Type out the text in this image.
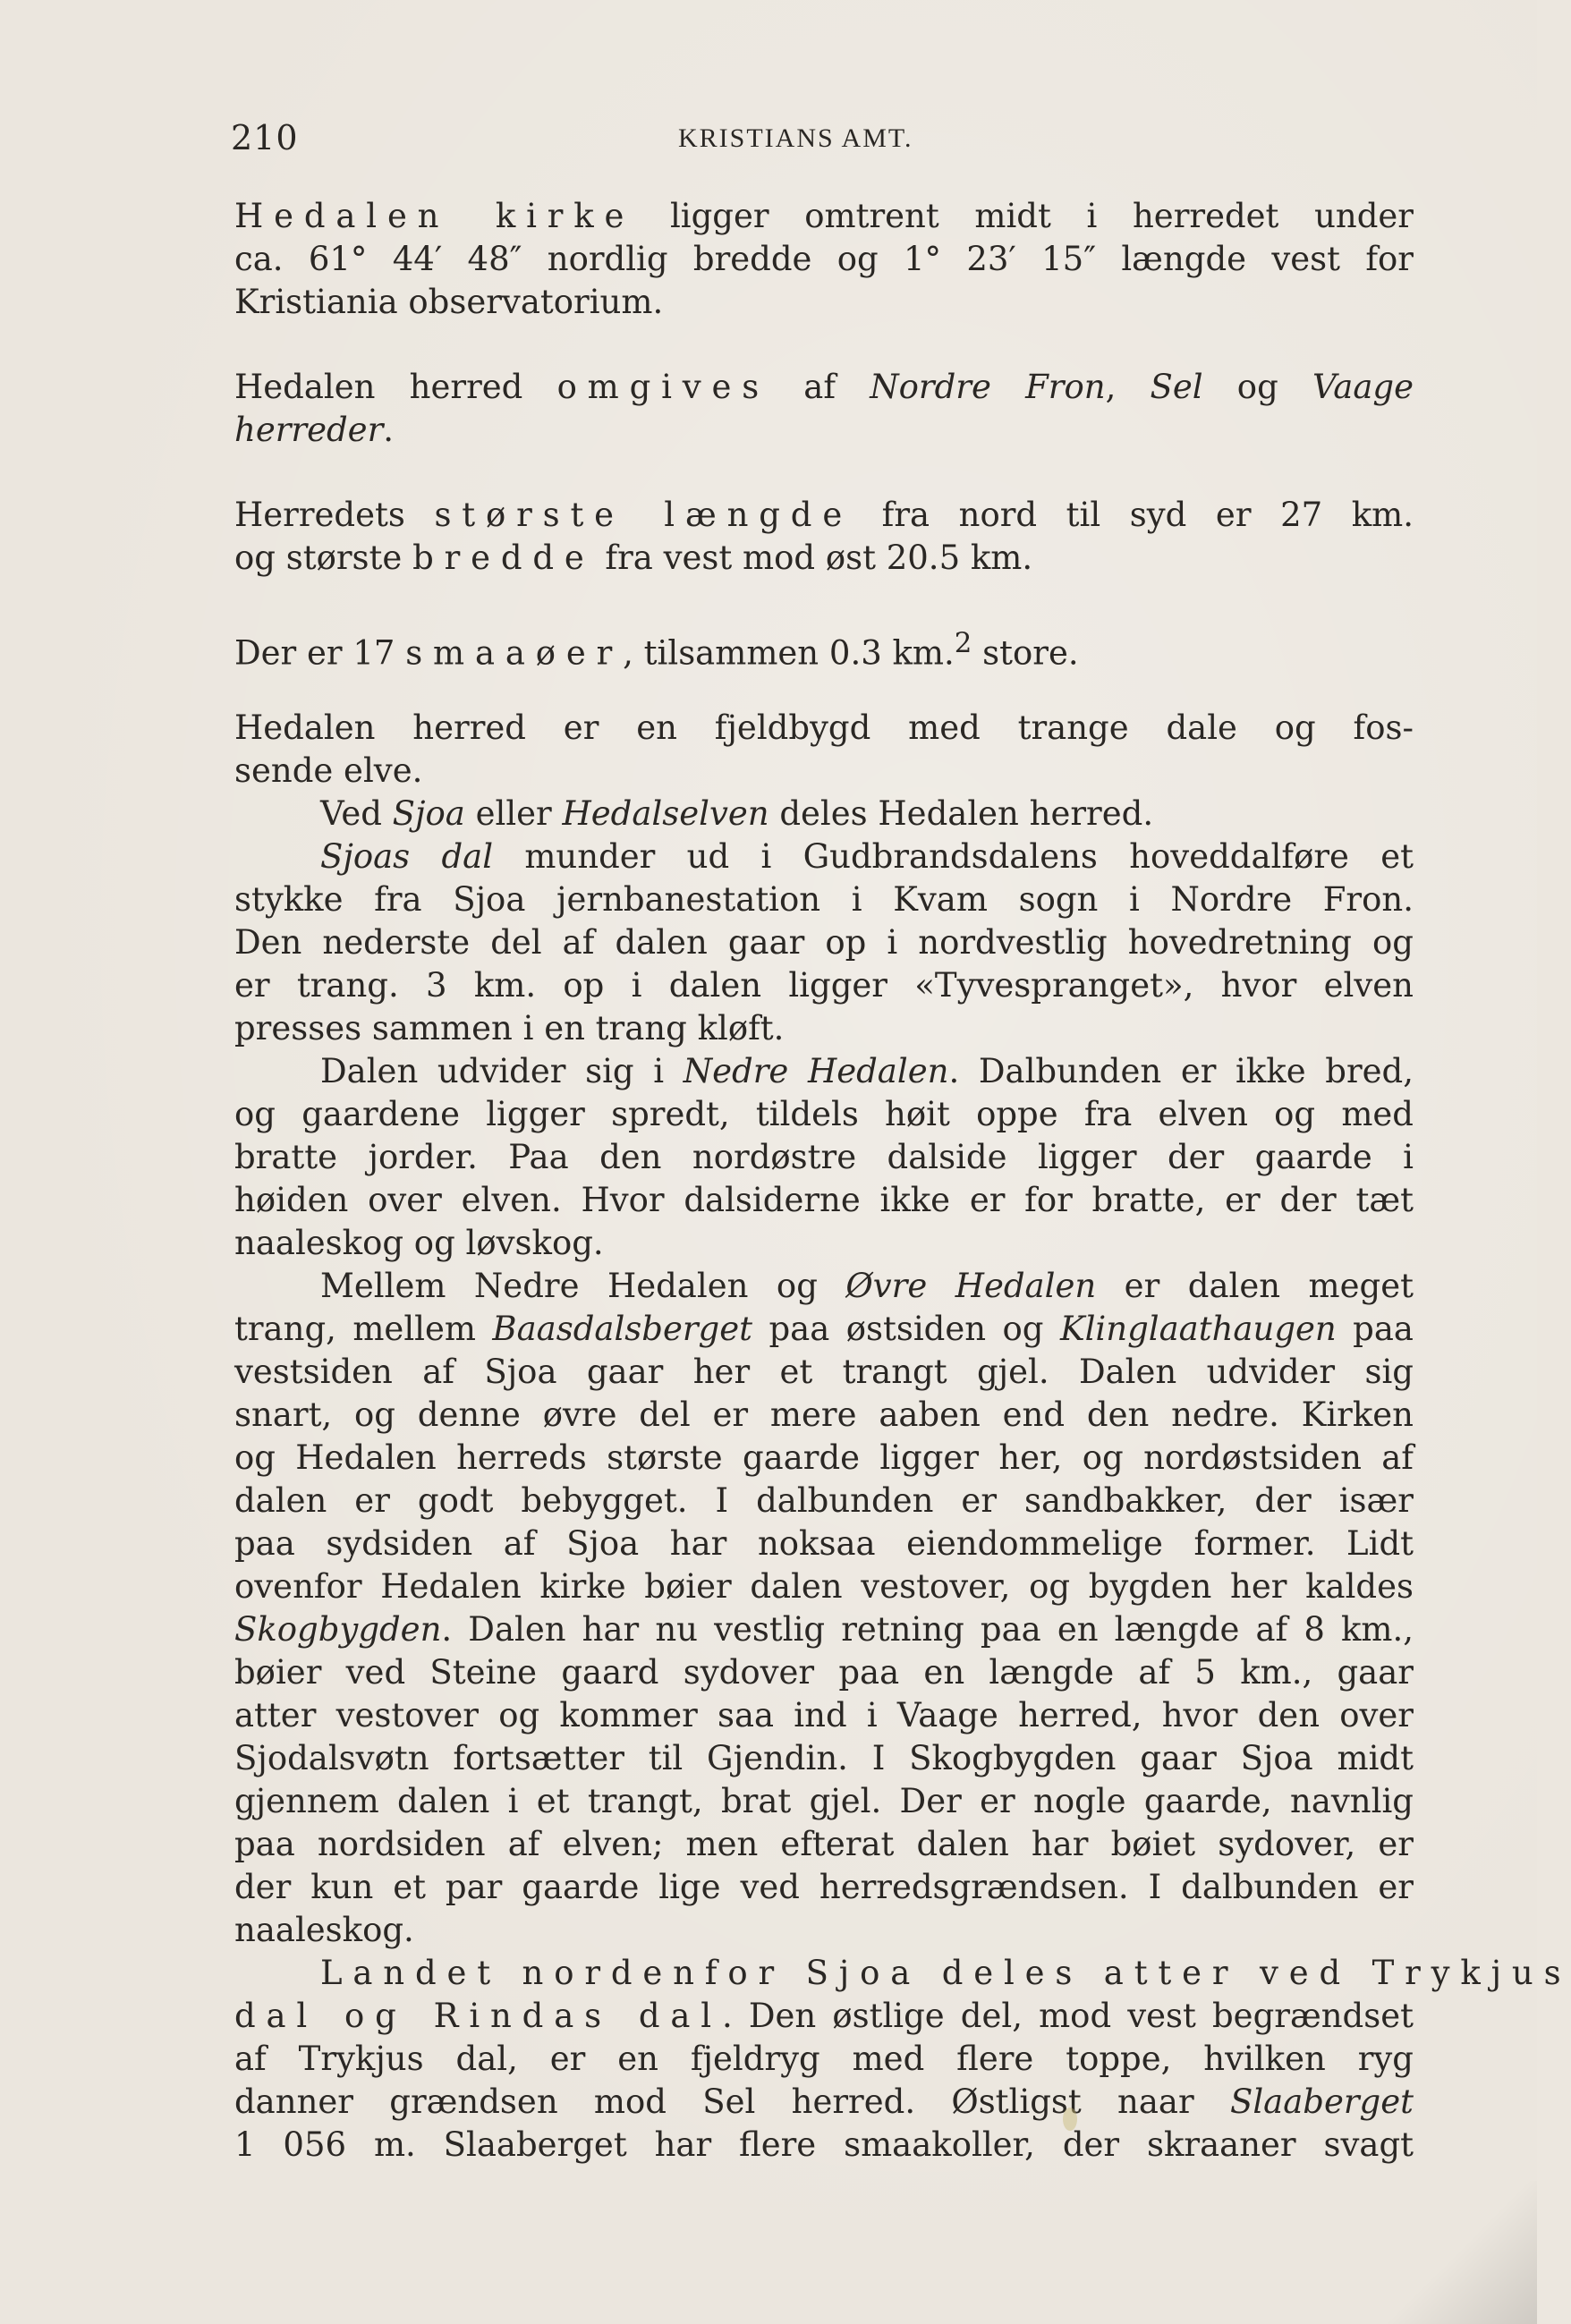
210	KRISTIANS AMT.
Hedalen kirke ligger omtrent midt i herredet under
ca. 61° 44′ 48″ nordlig bredde og 1° 23′ 15″ længde vest for
Kristiania observatorium.
Hedalen herred omgives af Nordre Fron, Sel og Vaage
herreder.
Herredets største længde fra nord til syd er 27 km.
og største bredde fra vest mod øst 20.5 km.
Der er 17 smaaøer, tilsammen 0.3 km.$^2$ store.
Hedalen herred er en fjeldbygd med trange dale og fos-
sende elve.
Ved Sjoa eller Hedalselven deles Hedalen herred.
Sjoas dal munder ud i Gudbrandsdalens hoveddalføre et
stykke fra Sjoa jernbanestation i Kvam sogn i Nordre Fron.
Den nederste del af dalen gaar op i nordvestlig hovedretning og
er trang. 3 km. op i dalen ligger «Tyvespranget», hvor elven
presses sammen i en trang kløft.
Dalen udvider sig i Nedre Hedalen. Dalbunden er ikke bred,
og gaardene ligger spredt, tildels høit oppe fra elven og med
bratte jorder. Paa den nordøstre dalside ligger der gaarde i
høiden over elven. Hvor dalsiderne ikke er for bratte, er der tæt
naaleskog og løvskog.
Mellem Nedre Hedalen og Øvre Hedalen er dalen meget
trang, mellem Baasdalsberget paa østsiden og Klinglaathaugen paa
vestsiden af Sjoa gaar her et trangt gjel. Dalen udvider sig
snart, og denne øvre del er mere aaben end den nedre. Kirken
og Hedalen herreds største gaarde ligger her, og nordøstsiden af
dalen er godt bebygget. I dalbunden er sandbakker, der især
paa sydsiden af Sjoa har noksaa eiendommelige former. Lidt
ovenfor Hedalen kirke bøier dalen vestover, og bygden her kaldes
Skogbygden. Dalen har nu vestlig retning paa en længde af 8 km.,
bøier ved Steine gaard sydover paa en længde af 5 km., gaar
atter vestover og kommer saa ind i Vaage herred, hvor den over
Sjodalsvøtn fortsætter til Gjendin. I Skogbygden gaar Sjoa midt
gjennem dalen i et trangt, brat gjel. Der er nogle gaarde, navnlig
paa nordsiden af elven; men efterat dalen har bøiet sydover, er
der kun et par gaarde lige ved herredsgrændsen. I dalbunden er
naaleskog.
Landet nordenfor Sjoa deles atter ved Trykjus
dal og Rindas dal. Den østlige del, mod vest begrændset
af Trykjus dal, er en fjeldryg med flere toppe, hvilken ryg
danner grændsen mod Sel herred. Østligst naar Slaaberget
1 056 m. Slaaberget har flere smaakoller, der skraaner svagt
